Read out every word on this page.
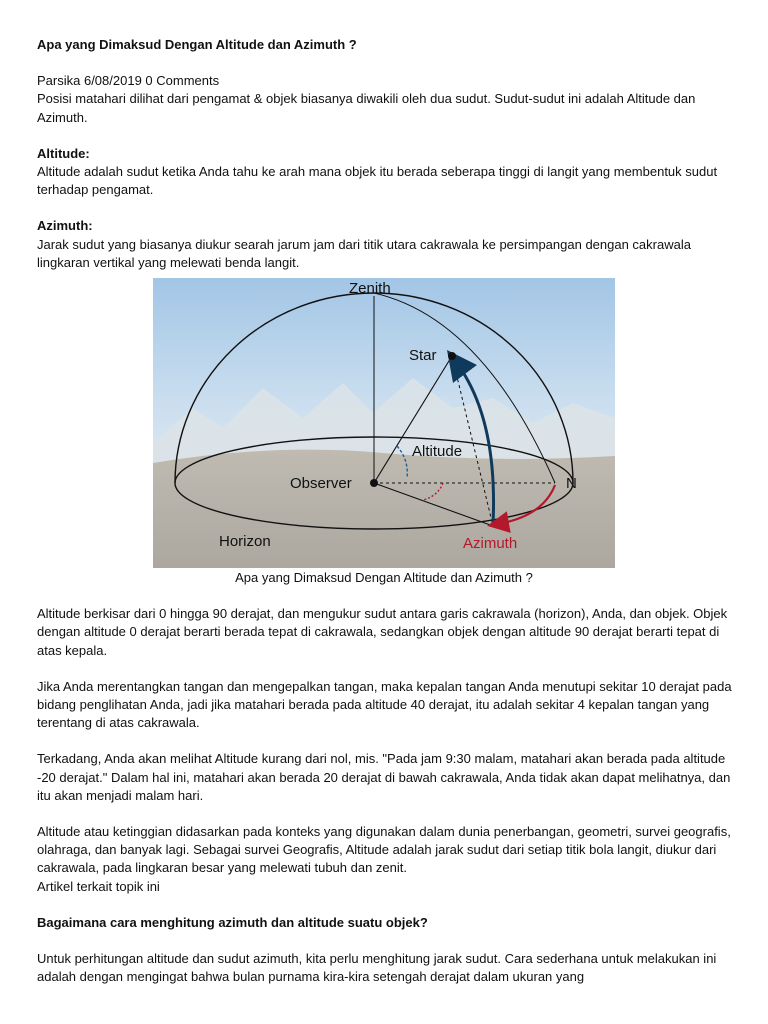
Apa yang Dimaksud Dengan Altitude dan Azimuth ?

Parsika 6/08/2019 0 Comments

Posisi matahari dilihat dari pengamat & objek biasanya diwakili oleh dua sudut. Sudut-sudut ini adalah Altitude dan Azimuth.

Altitude:

Altitude adalah sudut ketika Anda tahu ke arah mana objek itu berada seberapa tinggi di langit yang membentuk sudut terhadap pengamat.

Azimuth:

Jarak sudut yang biasanya diukur searah jarum jam dari titik utara cakrawala ke persimpangan dengan cakrawala lingkaran vertikal yang melewati benda langit.

Zenith
Star
Altitude
Observer	N
Horizon	Azimuth

Apa yang Dimaksud Dengan Altitude dan Azimuth ?

Altitude berkisar dari 0 hingga 90 derajat, dan mengukur sudut antara garis cakrawala (horizon), Anda, dan objek. Objek dengan altitude 0 derajat berarti berada tepat di cakrawala, sedangkan objek dengan altitude 90 derajat berarti tepat di atas kepala.

Jika Anda merentangkan tangan dan mengepalkan tangan, maka kepalan tangan Anda menutupi sekitar 10 derajat pada bidang penglihatan Anda, jadi jika matahari berada pada altitude 40 derajat, itu adalah sekitar 4 kepalan tangan yang terentang di atas cakrawala.

Terkadang, Anda akan melihat Altitude kurang dari nol, mis. "Pada jam 9:30 malam, matahari akan berada pada altitude -20 derajat." Dalam hal ini, matahari akan berada 20 derajat di bawah cakrawala, Anda tidak akan dapat melihatnya, dan itu akan menjadi malam hari.

Altitude atau ketinggian didasarkan pada konteks yang digunakan dalam dunia penerbangan, geometri, survei geografis, olahraga, dan banyak lagi. Sebagai survei Geografis, Altitude adalah jarak sudut dari setiap titik bola langit, diukur dari cakrawala, pada lingkaran besar yang melewati tubuh dan zenit.

Artikel terkait topik ini

Bagaimana cara menghitung azimuth dan altitude suatu objek?

Untuk perhitungan altitude dan sudut azimuth, kita perlu menghitung jarak sudut. Cara sederhana untuk melakukan ini adalah dengan mengingat bahwa bulan purnama kira-kira setengah derajat dalam ukuran yang
